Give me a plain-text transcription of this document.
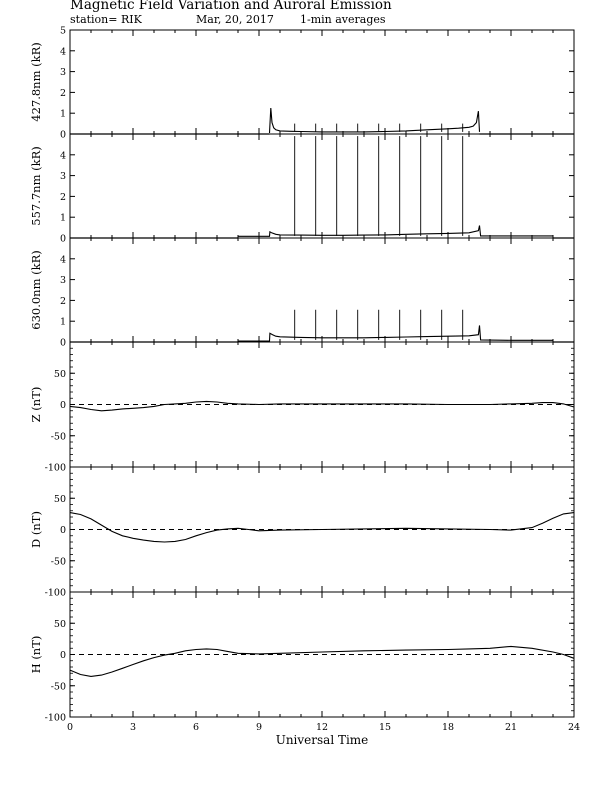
Magnetic Field Variation and Auroral Emission
station= RIK	Mar, 20, 2017 1-min averages
0
1
2
3
4
5
427.8nm (kR)
0
1
2
3
4
557.7nm (kR)
0
1
2
3
4
630.0nm (kR)
-100
-50
0
50
Z (nT)
-100
-50
0
50
D (nT)
-100
-50
0
50
H (nT)
0	3	6	9	12	15	18	21	24
Universal Time
